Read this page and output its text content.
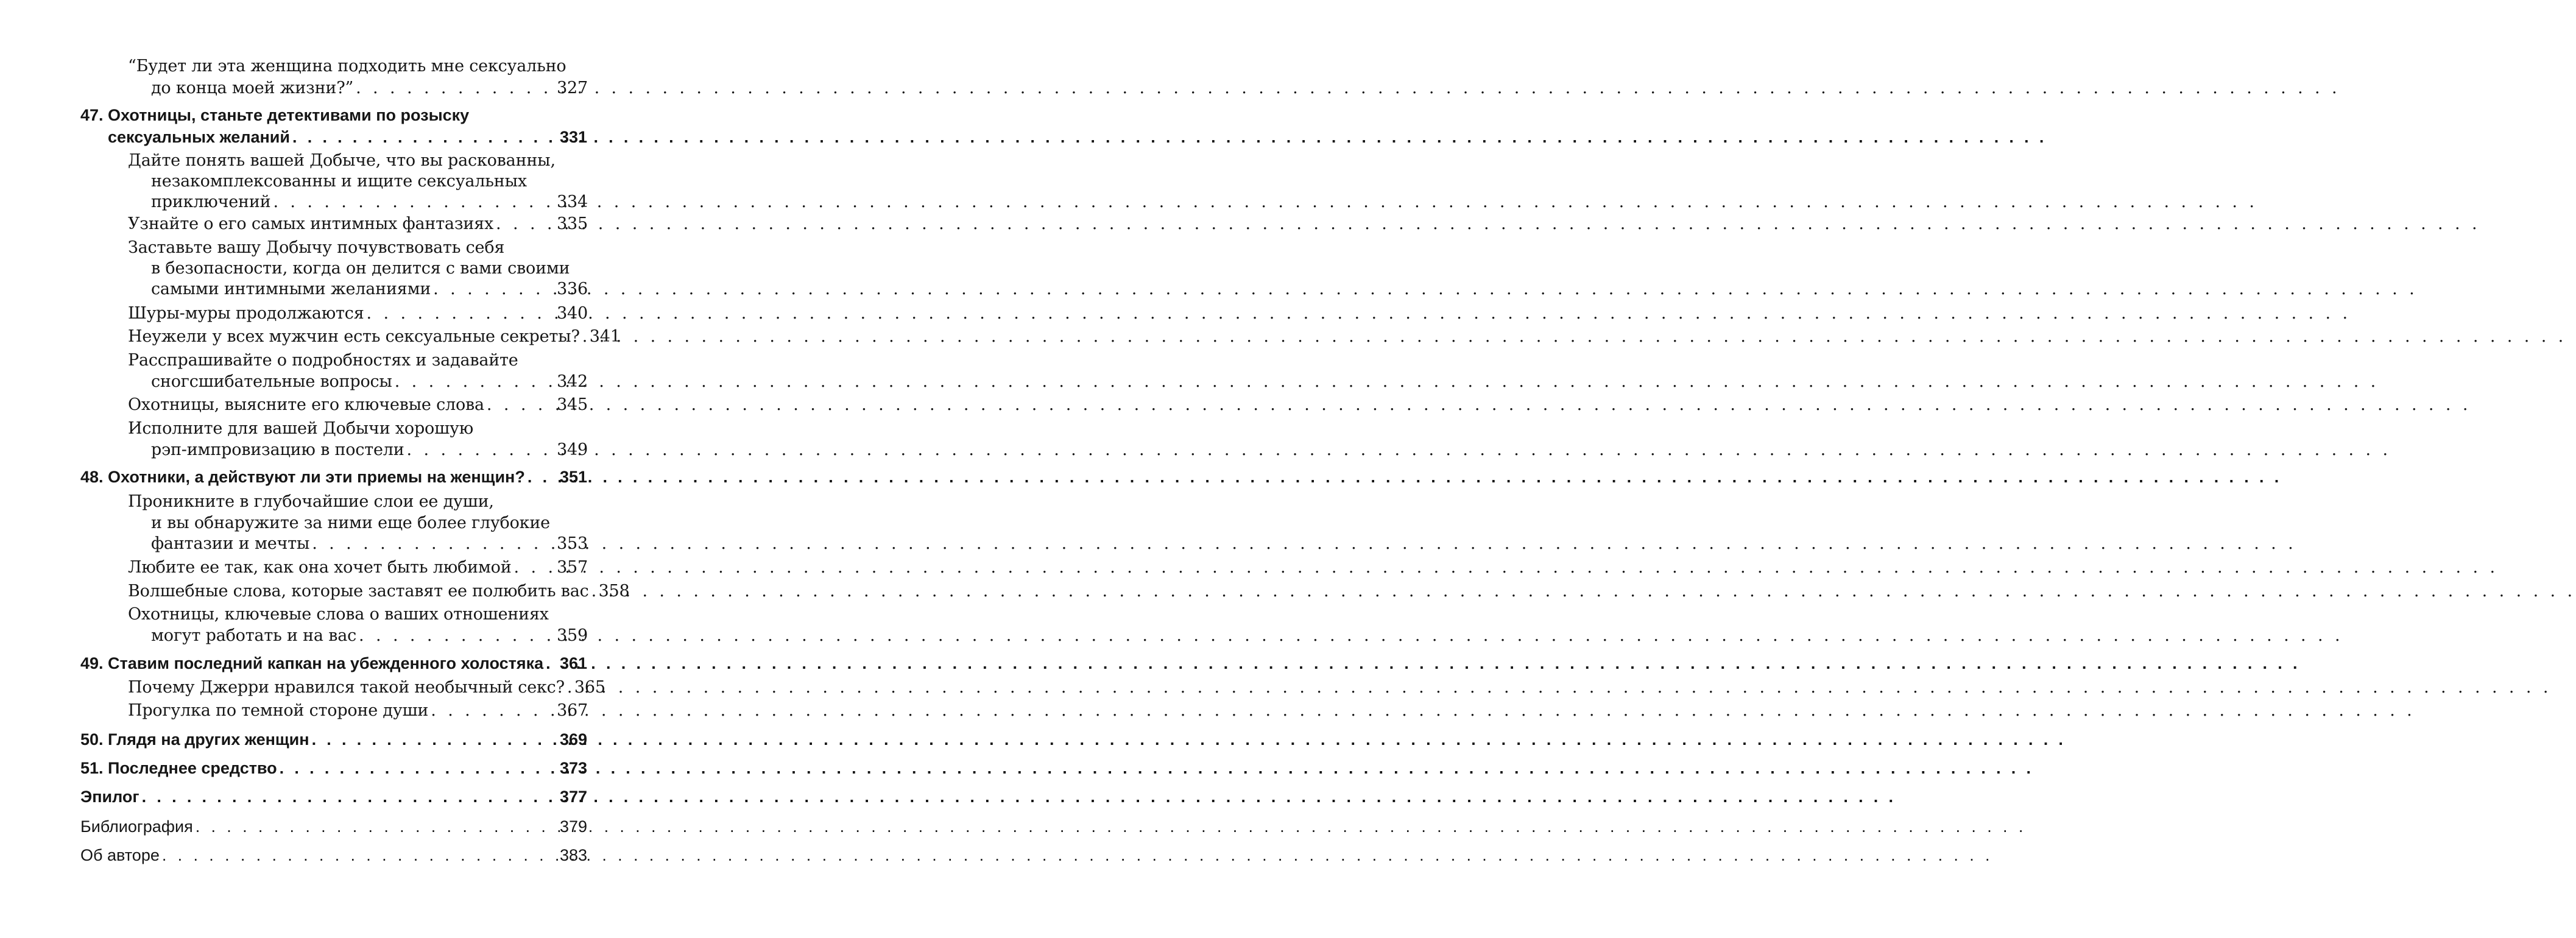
“Будет ли эта женщина подходить мне сексуально
до конца моей жизни?” . . .	327
47. Охотницы, станьте детективами по розыску
сексуальных желаний . . .	331
Дайте понять вашей Добыче, что вы раскованны,
незакомплексованны и ищите сексуальных
приключений . . .	334
Узнайте о его самых интимных фантазиях . . .	335
Заставьте вашу Добычу почувствовать себя
в безопасности, когда он делится с вами своими
самыми интимными желаниями . . .	336
Шуры-муры продолжаются . . .	340
Неужели у всех мужчин есть сексуальные секреты? . . . 341
Расспрашивайте о подробностях и задавайте
сногсшибательные вопросы . . .	342
Охотницы, выясните его ключевые слова . . .	345
Исполните для вашей Добычи хорошую
рэп-импровизацию в постели . . .	349
48. Охотники, а действуют ли эти приемы на женщин? . . . 351
Проникните в глубочайшие слои ее души,
и вы обнаружите за ними еще более глубокие
фантазии и мечты . . .	353
Любите ее так, как она хочет быть любимой . . .	357
Волшебные слова, которые заставят ее полюбить вас . . . 358
Охотницы, ключевые слова о ваших отношениях
могут работать и на вас . . .	359
49. Ставим последний капкан на убежденного холостяка . . . 361
Почему Джерри нравился такой необычный секс? . . . 365
Прогулка по темной стороне души . . .	367
50. Глядя на других женщин . . .	369
51. Последнее средство . . .	373
Эпилог . . .	377
Библиография . . .	379
Об авторе . . .	383
